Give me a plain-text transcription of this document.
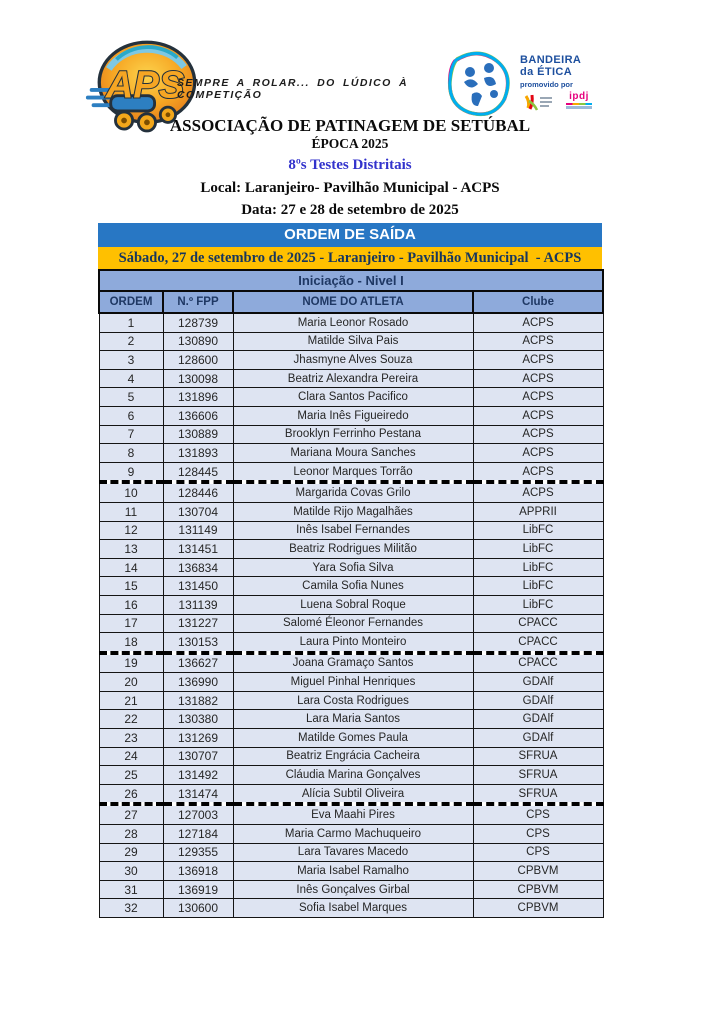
APS
SEMPRE A ROLAR... DO LÚDICO À COMPETIÇÃO
BANDEIRA
da ÉTICA
promovido por
ipdj
ASSOCIAÇÃO DE PATINAGEM DE SETÚBAL
ÉPOCA 2025
8ºs Testes Distritais
Local: Laranjeiro- Pavilhão Municipal - ACPS
Data: 27 e 28 de setembro de 2025
ORDEM DE SAÍDA
Sábado, 27 de setembro de 2025 - Laranjeiro - Pavilhão Municipal  - ACPS
Iniciação - Nivel I			
ORDEM	N.º FPP	NOME DO ATLETA	Clube
1	128739	Maria Leonor Rosado	ACPS
2	130890	Matilde Silva Pais	ACPS
3	128600	Jhasmyne Alves Souza	ACPS
4	130098	Beatriz Alexandra Pereira	ACPS
5	131896	Clara Santos Pacifico	ACPS
6	136606	Maria Inês Figueiredo	ACPS
7	130889	Brooklyn Ferrinho Pestana	ACPS
8	131893	Mariana Moura Sanches	ACPS
9	128445	Leonor Marques Torrão	ACPS
10	128446	Margarida Covas Grilo	ACPS
11	130704	Matilde Rijo Magalhães	APPRII
12	131149	Inês Isabel Fernandes	LibFC
13	131451	Beatriz Rodrigues Militão	LibFC
14	136834	Yara Sofia Silva	LibFC
15	131450	Camila Sofia Nunes	LibFC
16	131139	Luena Sobral Roque	LibFC
17	131227	Salomé Éleonor Fernandes	CPACC
18	130153	Laura Pinto Monteiro	CPACC
19	136627	Joana Gramaço Santos	CPACC
20	136990	Miguel Pinhal Henriques	GDAlf
21	131882	Lara Costa Rodrigues	GDAlf
22	130380	Lara Maria Santos	GDAlf
23	131269	Matilde Gomes Paula	GDAlf
24	130707	Beatriz Engrácia Cacheira	SFRUA
25	131492	Cláudia Marina Gonçalves	SFRUA
26	131474	Alícia Subtil Oliveira	SFRUA
27	127003	Eva Maahi Pires	CPS
28	127184	Maria Carmo Machuqueiro	CPS
29	129355	Lara Tavares Macedo	CPS
30	136918	Maria Isabel Ramalho	CPBVM
31	136919	Inês Gonçalves Girbal	CPBVM
32	130600	Sofia Isabel Marques	CPBVM
